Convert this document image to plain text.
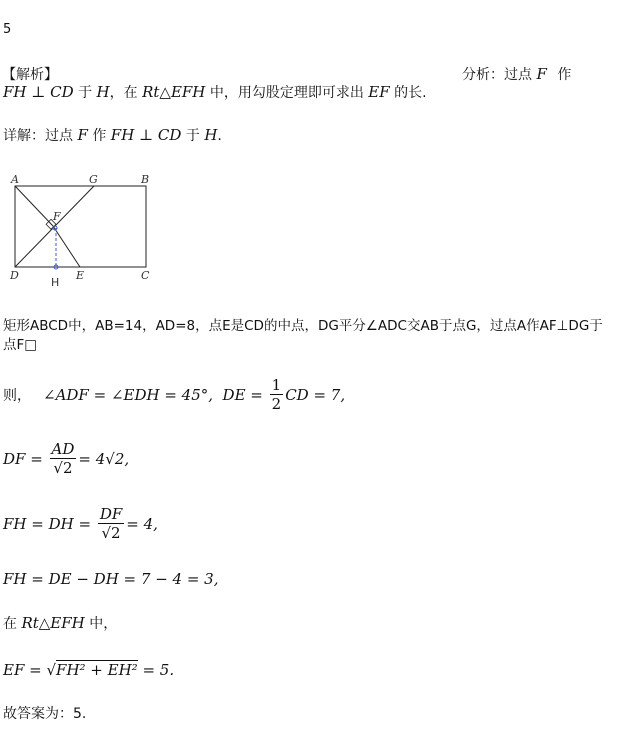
5
【解析】	分析：过点 F 作
FH ⊥ CD 于 H，在 Rt△EFH 中，用勾股定理即可求出 EF 的长.
详解：过点 F 作 FH ⊥ CD 于 H.
A	G	B
F
D	E	C
H
矩形ABCD中，AB=14，AD=8，点E是CD的中点，DG平分∠ADC交AB于点G，过点A作AF⊥DG于
点F□
则， ∠ADF = ∠EDH = 45°,  DE = $\frac{1}{2}$ CD = 7,
DF = $\frac{AD}{√2} = 4√2$,
FH = DH = $\frac{DF}{√2} = 4$,
FH = DE − DH = 7 − 4 = 3,
在 Rt△EFH 中，
EF = √FH² + EH² = 5.
故答案为：5.
